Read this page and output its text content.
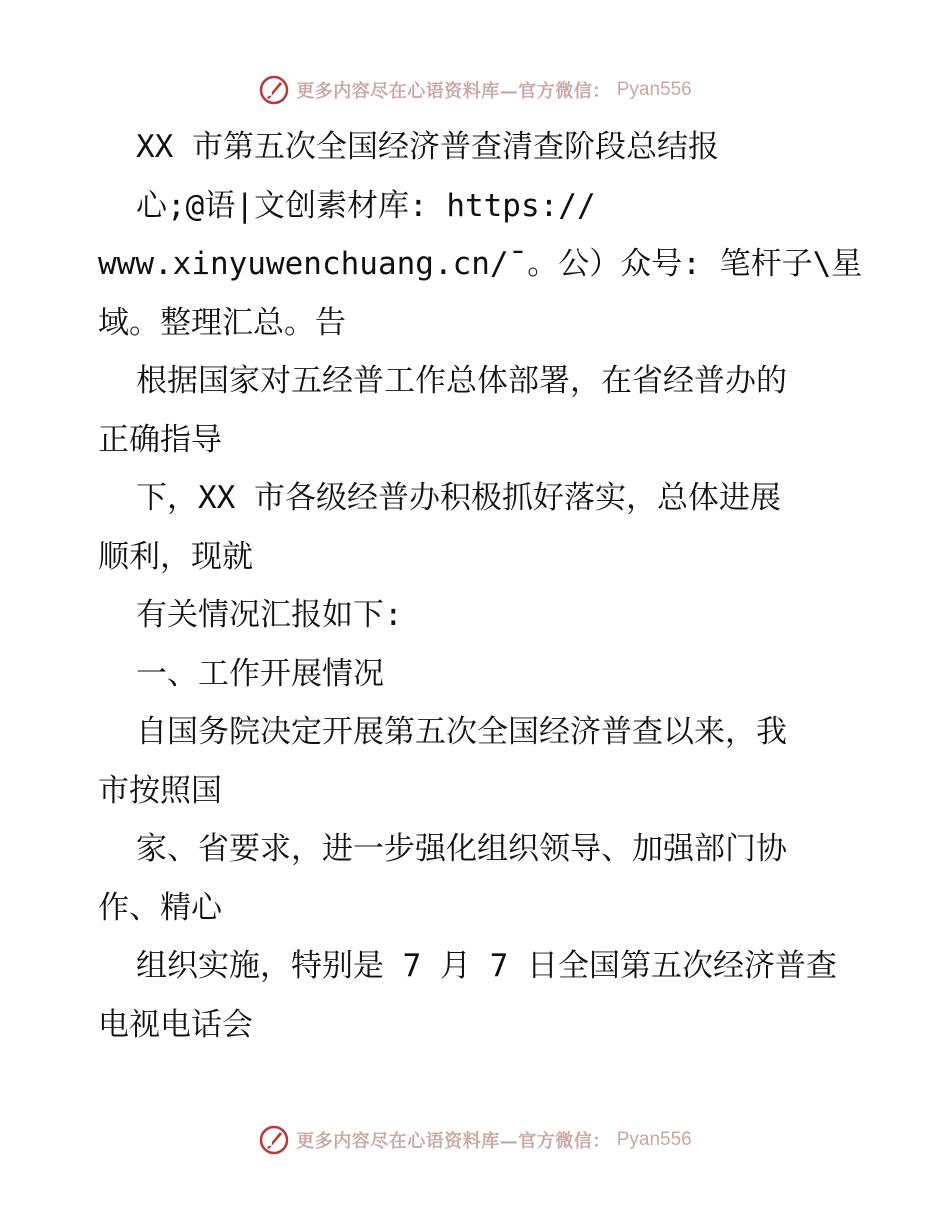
更多内容尽在心语资料库—官方微信： Pyan556
XX 市第五次全国经济普查清查阶段总结报
心;@语|文创素材库: https://
www.xinyuwenchuang.cn/¯。公）众号: 笔杆子\星
域。整理汇总。告
根据国家对五经普工作总体部署，在省经普办的
正确指导
下，XX 市各级经普办积极抓好落实，总体进展
顺利，现就
有关情况汇报如下:
一、工作开展情况
自国务院决定开展第五次全国经济普查以来，我
市按照国
家、省要求，进一步强化组织领导、加强部门协
作、精心
组织实施，特别是 7 月 7 日全国第五次经济普查
电视电话会
更多内容尽在心语资料库—官方微信： Pyan556
